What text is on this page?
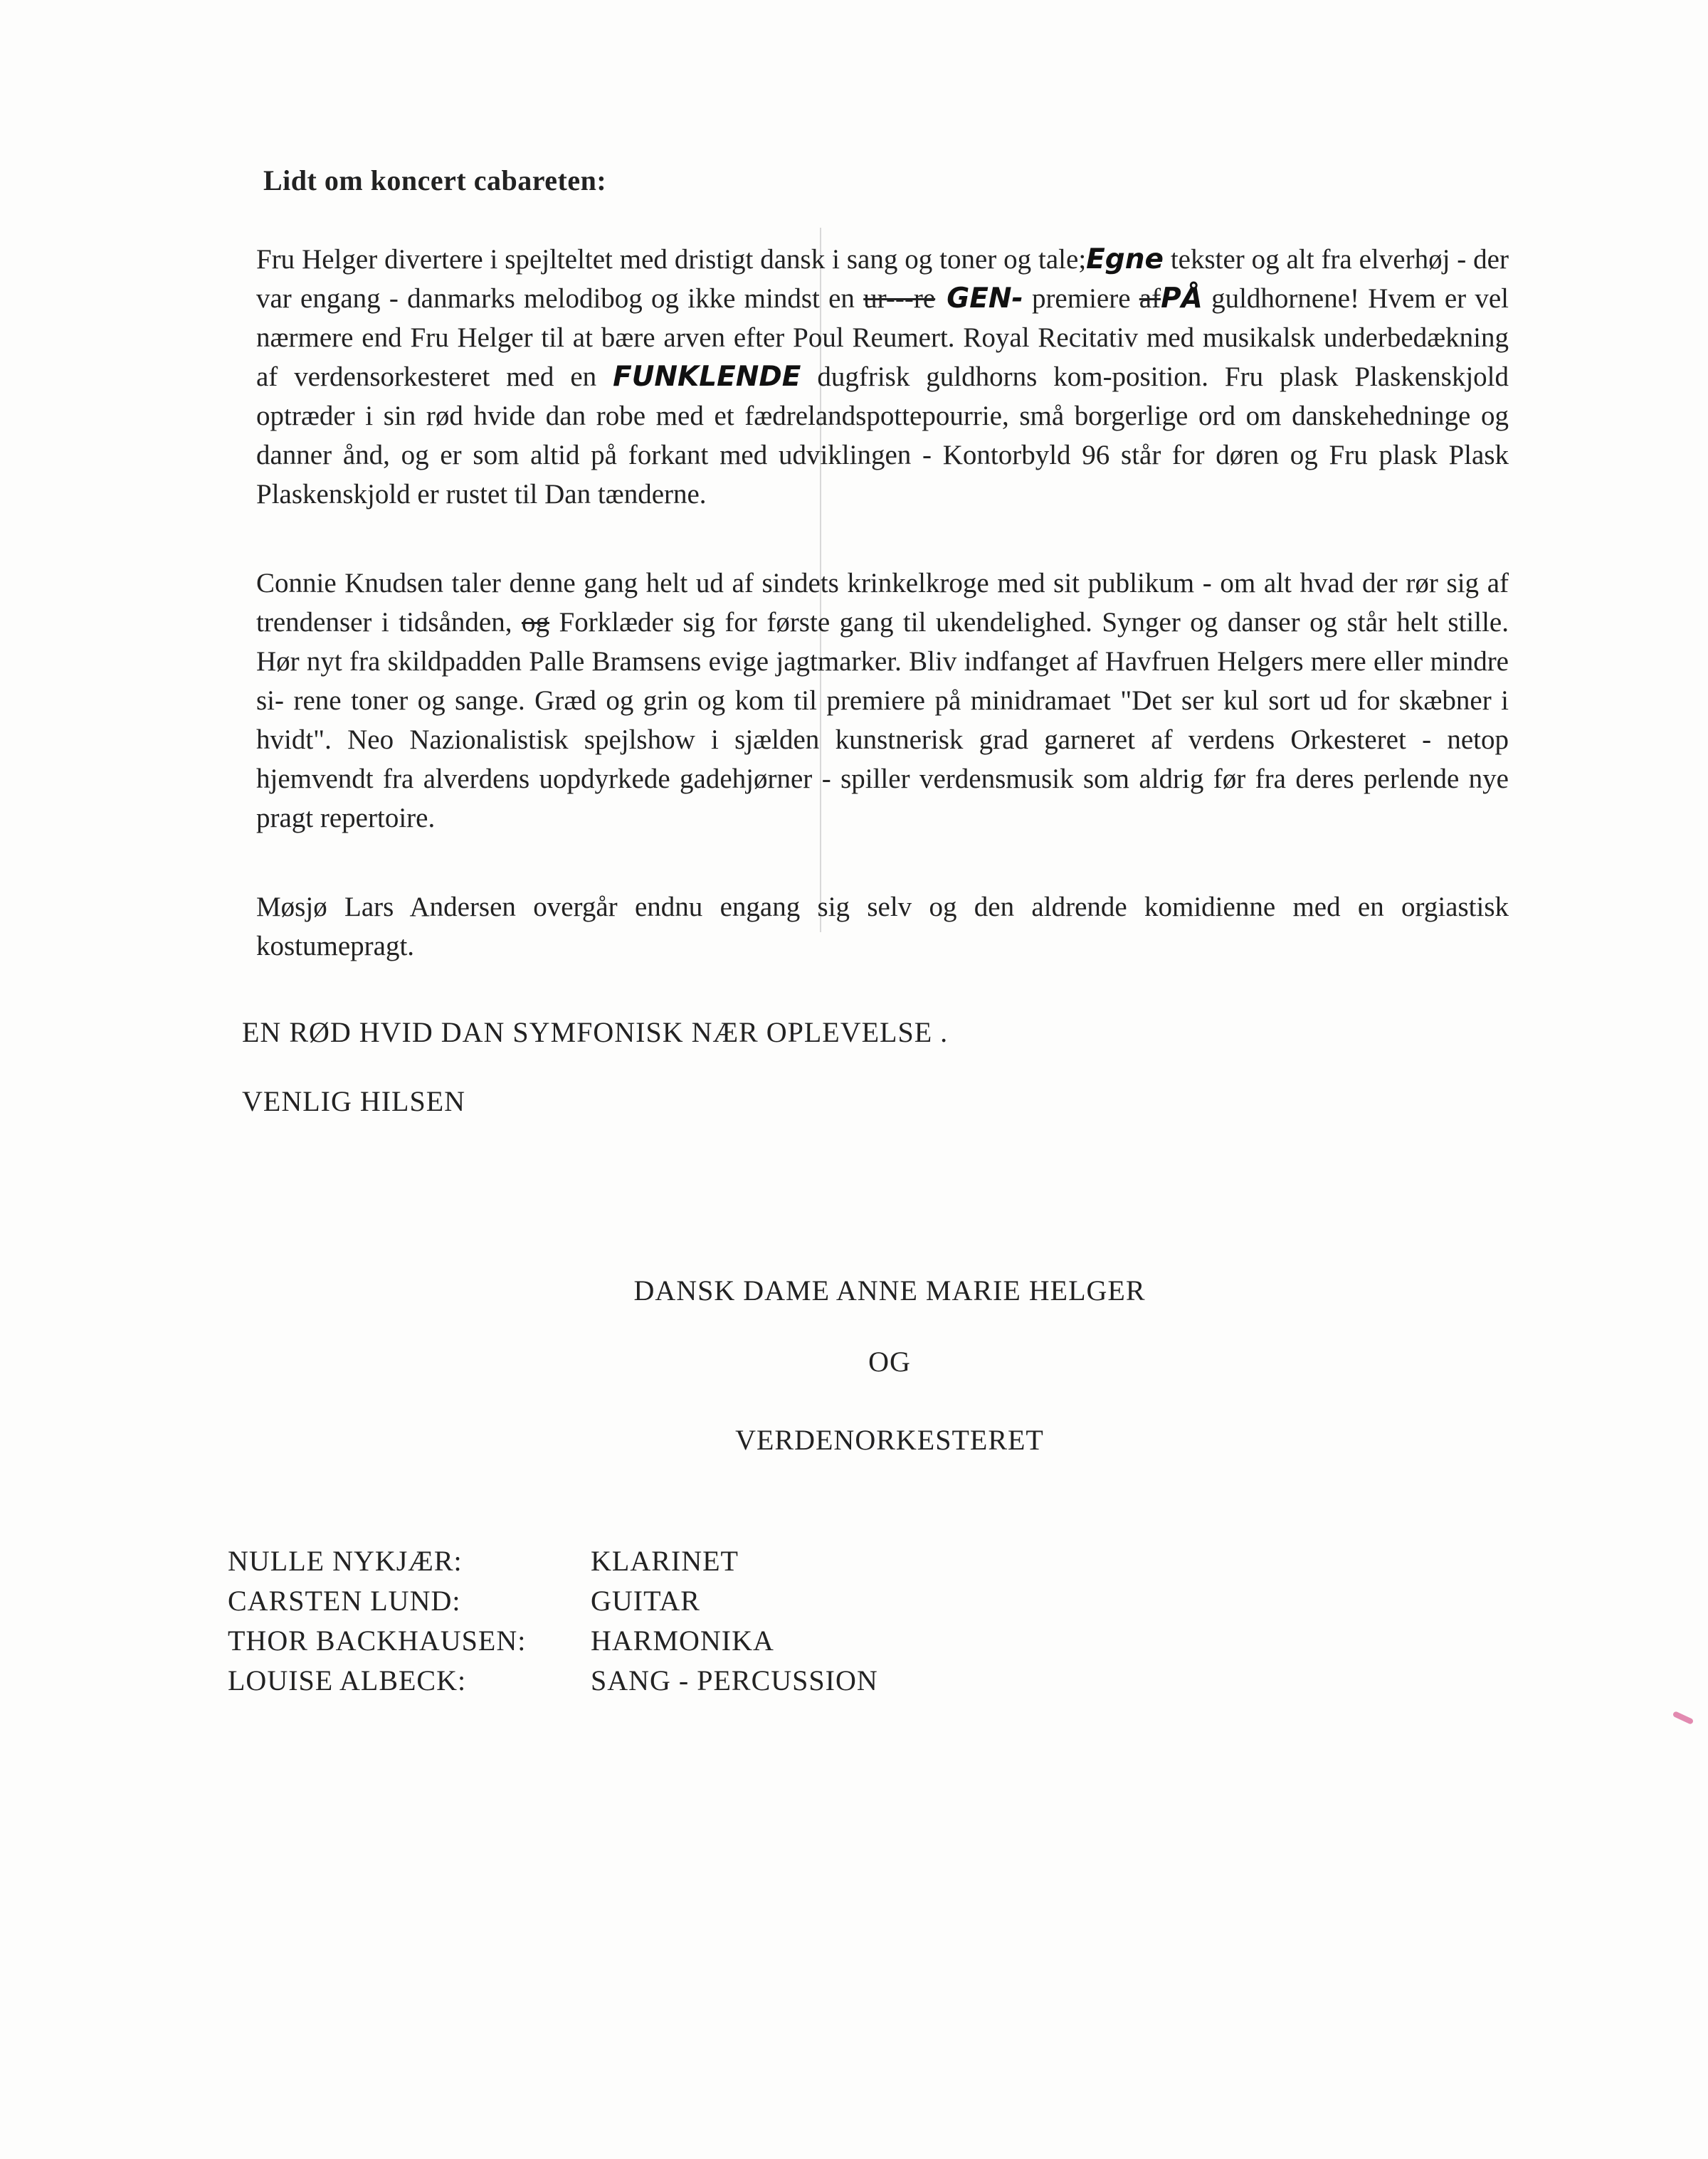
Lidt om koncert cabareten:
Fru Helger divertere i spejlteltet med dristigt dansk i sang og toner og tale;Egne tekster og alt fra elverhøj - der var engang - danmarks melodibog og ikke mindst en ur---re GEN- premiere afPÅ guldhornene! Hvem er vel nærmere end Fru Helger til at bære arven efter Poul Reumert. Royal Recitativ med musikalsk underbedækning af verdensorkesteret med en FUNKLENDE dugfrisk guldhorns kom-position. Fru plask Plaskenskjold optræder i sin rød hvide dan robe med et fædrelandspottepourrie, små borgerlige ord om danskehedninge og danner ånd, og er som altid på forkant med udviklingen - Kontorbyld 96 står for døren og Fru plask Plask Plaskenskjold er rustet til Dan tænderne.
Connie Knudsen taler denne gang helt ud af sindets krinkelkroge med sit publikum - om alt hvad der rør sig af trendenser i tidsånden, og Forklæder sig for første gang til ukendelighed. Synger og danser og står helt stille. Hør nyt fra skildpadden Palle Bramsens evige jagtmarker. Bliv indfanget af Havfruen Helgers mere eller mindre si- rene toner og sange. Græd og grin og kom til premiere på minidramaet "Det ser kul sort ud for skæbner i hvidt". Neo Nazionalistisk spejlshow i sjælden kunstnerisk grad garneret af verdens Orkesteret - netop hjemvendt fra alverdens uopdyrkede gadehjørner - spiller verdensmusik som aldrig før fra deres perlende nye pragt repertoire.
Møsjø Lars Andersen overgår endnu engang sig selv og den aldrende komidienne med en orgiastisk kostumepragt.
EN RØD HVID DAN SYMFONISK NÆR OPLEVELSE .
VENLIG HILSEN
DANSK DAME ANNE MARIE HELGER
OG
VERDENORKESTERET
NULLE NYKJÆR:	KLARINET
CARSTEN LUND:	GUITAR
THOR BACKHAUSEN:	HARMONIKA
LOUISE ALBECK:	SANG - PERCUSSION
